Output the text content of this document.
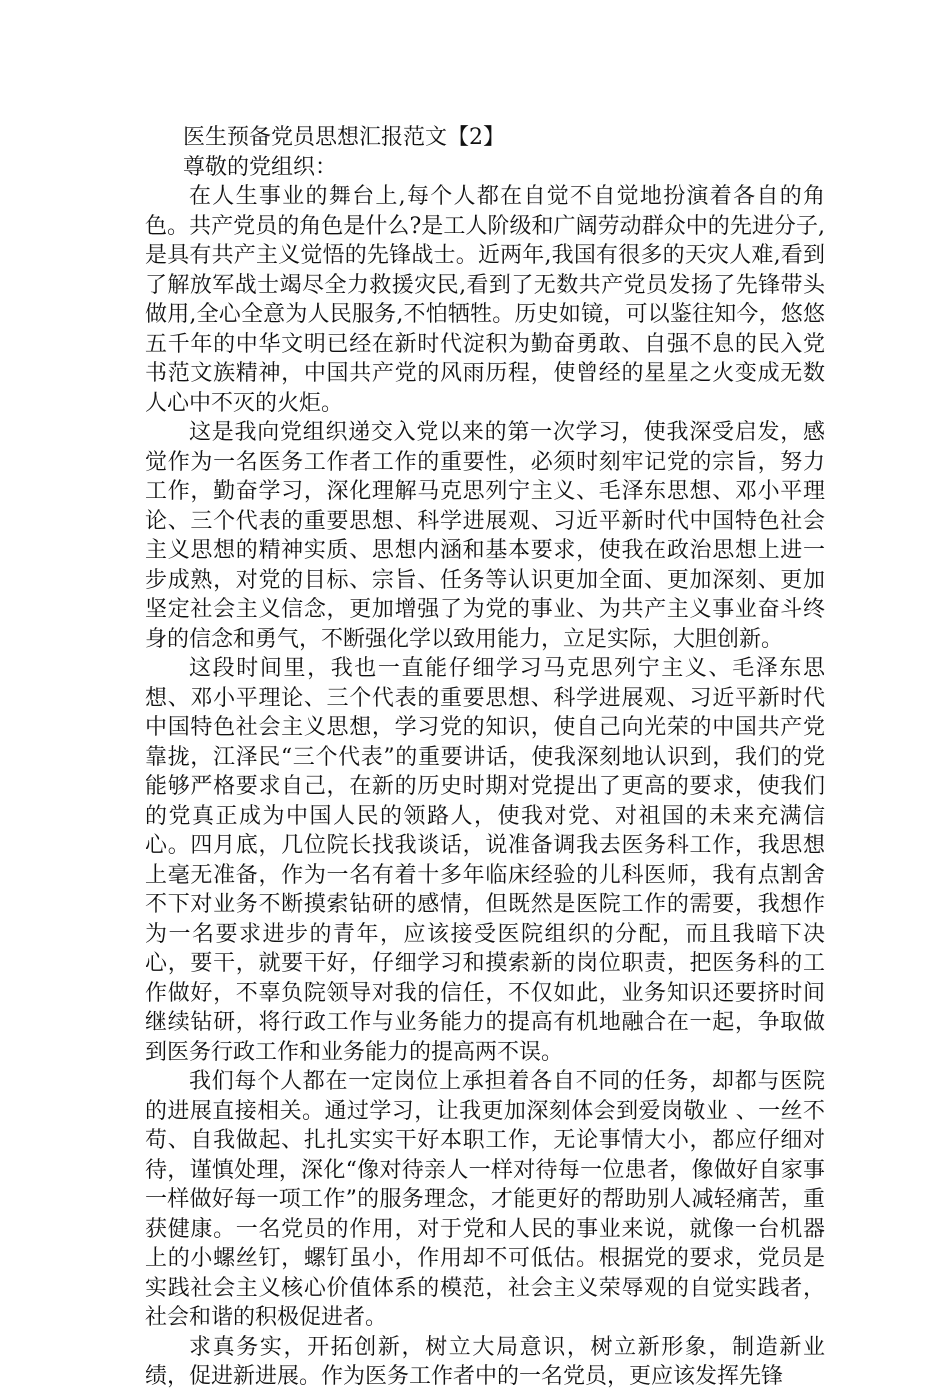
医生预备党员思想汇报范文【2】

尊敬的党组织：

在人生事业的舞台上,每个人都在自觉不自觉地扮演着各自的角色。共产党员的角色是什么?是工人阶级和广阔劳动群众中的先进分子,是具有共产主义觉悟的先锋战士。近两年,我国有很多的天灾人难,看到了解放军战士竭尽全力救援灾民,看到了无数共产党员发扬了先锋带头做用,全心全意为人民服务,不怕牺牲。历史如镜，可以鉴往知今，悠悠五千年的中华文明已经在新时代淀积为勤奋勇敢、自强不息的民入党书范文族精神，中国共产党的风雨历程，使曾经的星星之火变成无数人心中不灭的火炬。

这是我向党组织递交入党以来的第一次学习，使我深受启发，感觉作为一名医务工作者工作的重要性，必须时刻牢记党的宗旨，努力工作，勤奋学习，深化理解马克思列宁主义、毛泽东思想、邓小平理论、三个代表的重要思想、科学进展观、习近平新时代中国特色社会主义思想的精神实质、思想内涵和基本要求，使我在政治思想上进一步成熟，对党的目标、宗旨、任务等认识更加全面、更加深刻、更加坚定社会主义信念，更加增强了为党的事业、为共产主义事业奋斗终身的信念和勇气，不断强化学以致用能力，立足实际，大胆创新。

这段时间里，我也一直能仔细学习马克思列宁主义、毛泽东思想、邓小平理论、三个代表的重要思想、科学进展观、习近平新时代中国特色社会主义思想，学习党的知识，使自己向光荣的中国共产党靠拢，江泽民“三个代表”的重要讲话，使我深刻地认识到，我们的党能够严格要求自己，在新的历史时期对党提出了更高的要求，使我们的党真正成为中国人民的领路人，使我对党、对祖国的未来充满信心。四月底，几位院长找我谈话，说准备调我去医务科工作，我思想上毫无准备，作为一名有着十多年临床经验的儿科医师，我有点割舍不下对业务不断摸索钻研的感情，但既然是医院工作的需要，我想作为一名要求进步的青年，应该接受医院组织的分配，而且我暗下决心，要干，就要干好，仔细学习和摸索新的岗位职责，把医务科的工作做好，不辜负院领导对我的信任，不仅如此，业务知识还要挤时间继续钻研，将行政工作与业务能力的提高有机地融合在一起，争取做到医务行政工作和业务能力的提高两不误。

我们每个人都在一定岗位上承担着各自不同的任务，却都与医院的进展直接相关。通过学习，让我更加深刻体会到爱岗敬业 、一丝不苟、自我做起、扎扎实实干好本职工作，无论事情大小，都应仔细对待，谨慎处理，深化“像对待亲人一样对待每一位患者，像做好自家事一样做好每一项工作”的服务理念，才能更好的帮助别人减轻痛苦，重获健康。一名党员的作用，对于党和人民的事业来说，就像一台机器上的小螺丝钉，螺钉虽小，作用却不可低估。根据党的要求，党员是实践社会主义核心价值体系的模范，社会主义荣辱观的自觉实践者，社会和谐的积极促进者。

求真务实，开拓创新，树立大局意识，树立新形象，制造新业绩，促进新进展。作为医务工作者中的一名党员，更应该发挥先锋
